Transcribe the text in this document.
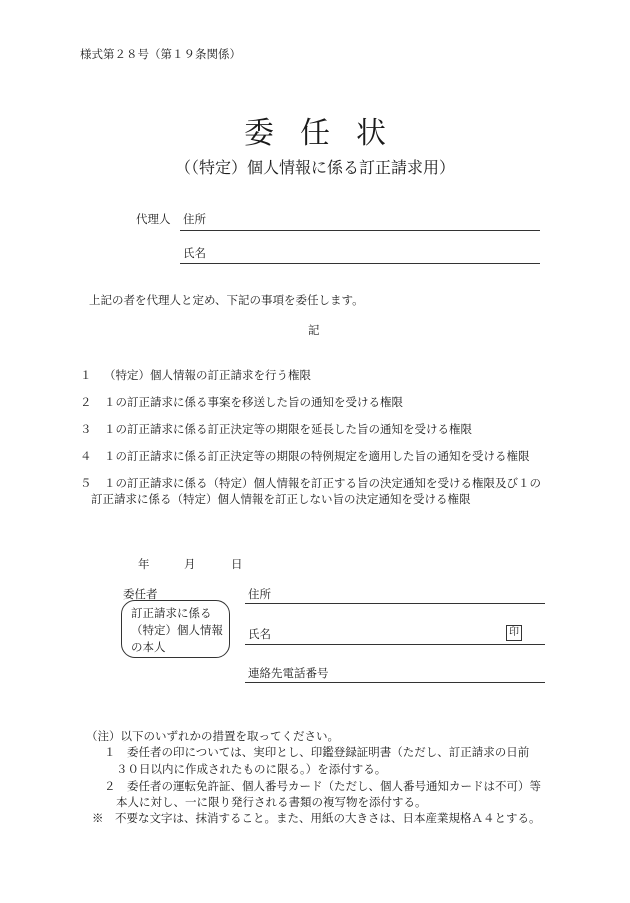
様式第２８号（第１９条関係）
委任状
（（特定）個人情報に係る訂正請求用）
代理人 住所
氏名
上記の者を代理人と定め、下記の事項を委任します。
記
１ （特定）個人情報の訂正請求を行う権限
２ １の訂正請求に係る事案を移送した旨の通知を受ける権限
３ １の訂正請求に係る訂正決定等の期限を延長した旨の通知を受ける権限
４ １の訂正請求に係る訂正決定等の期限の特例規定を適用した旨の通知を受ける権限
５ １の訂正請求に係る（特定）個人情報を訂正する旨の決定通知を受ける権限及び１の
訂正請求に係る（特定）個人情報を訂正しない旨の決定通知を受ける権限
年	月	日
委任者
訂正請求に係る
（特定）個人情報
の本人
住所
氏名	印
連絡先電話番号
（注）以下のいずれかの措置を取ってください。
１　委任者の印については、実印とし、印鑑登録証明書（ただし、訂正請求の日前
３０日以内に作成されたものに限る。）を添付する。
２　委任者の運転免許証、個人番号カード（ただし、個人番号通知カードは不可）等
本人に対し、一に限り発行される書類の複写物を添付する。
※　不要な文字は、抹消すること。また、用紙の大きさは、日本産業規格Ａ４とする。
